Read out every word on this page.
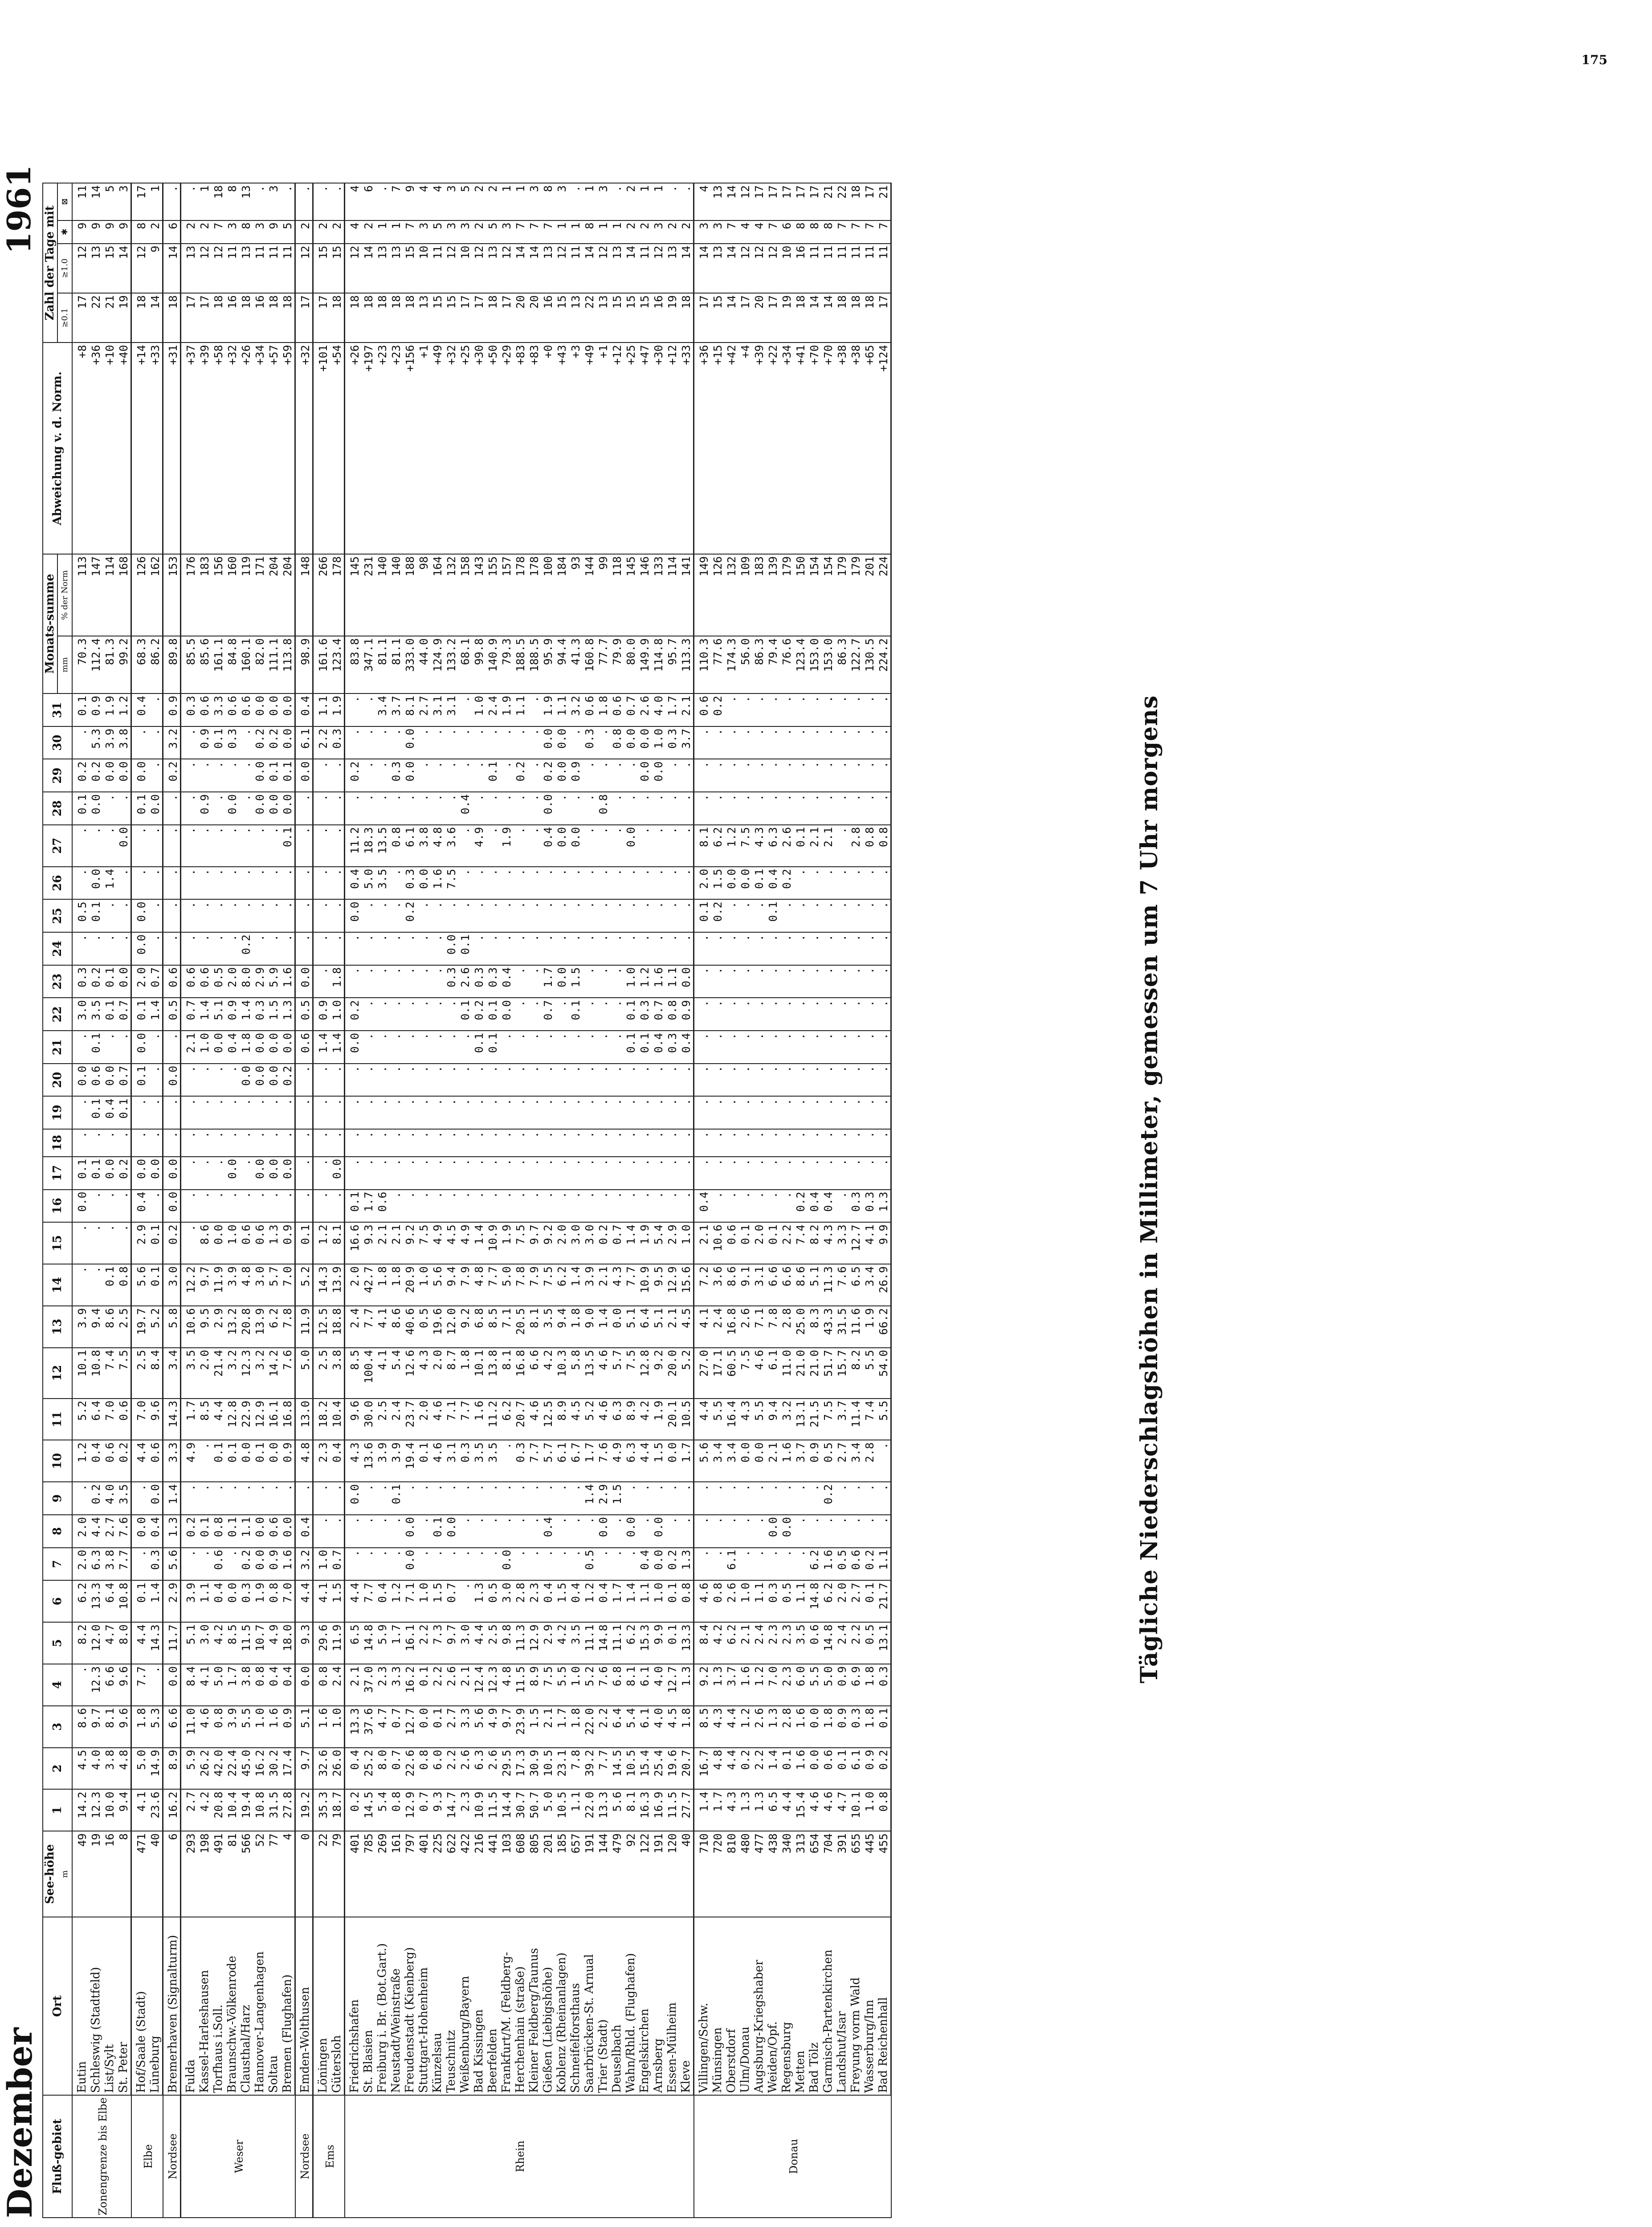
175
Dezember
Tägliche Niederschlagshöhen in Millimeter, gemessen um 7 Uhr morgens
1961
Fluß-gebiet	Ort	See-höhe m	1	2	3	4	5	6	7	8	9	10	11	12	13	14	15	16	17	18	19	20	21	22	23	24	25	26	27	28	29	30	31	Monats-summe		Abweichung v. d. Norm.	Zahl der Tage mit			
																																		mm	% der Norm		≥0.1	≥1.0	✱	⊠
Zonengrenze bis Elbe	Eutin	49	14.2	4.5	8.6	.	8.2	6.2	2.0	2.0	.	1.2	5.2	10.1	3.9	.	.	0.0	0.1	.	.	0.0	.	3.0	0.3	.	0.5	.	.	0.1	0.2	.	0.1	70.3	113	+8	17	12	9	11
	Schleswig (Stadtfeld)	19	12.3	4.0	9.7	12.3	12.0	13.3	6.3	4.4	0.2	0.4	6.4	10.8	9.4	.	.	.	0.1	.	0.1	0.6	0.1	3.5	0.2	.	0.1	0.0	.	0.0	0.2	5.3	0.9	112.4	147	+36	22	13	9	14
	List/Sylt	16	10.0	3.8	8.1	6.6	4.7	6.4	3.8	2.7	4.0	0.6	7.0	7.4	8.6	0.1	.	.	0.0	.	0.4	0.0	.	0.1	0.1	.	.	1.4	.	.	0.0	3.9	1.9	81.3	114	+10	21	15	9	5
	St. Peter	8	9.4	4.8	9.6	9.6	8.0	10.8	7.7	7.6	3.5	0.2	0.6	7.5	2.5	0.8	.	.	0.2	.	0.1	0.7	.	0.7	0.0	.	.	.	0.0	.	0.0	3.8	1.2	99.2	168	+40	19	14	9	3
Elbe	Hof/Saale (Stadt)	471	4.1	5.0	1.8	7.7	4.4	0.1	.	0.0	.	4.4	7.0	2.5	19.7	5.6	2.9	0.4	0.0	.	.	0.1	0.0	0.1	2.0	0.0	0.0	.	.	0.1	0.0	.	0.4	68.3	126	+14	18	12	8	17
	Lüneburg	40	23.6	14.9	5.3	.	14.3	1.4	0.3	0.4	0.0	0.6	9.6	8.4	5.2	0.1	0.1	.	0.0	.	.	.	.	1.4	0.7	.	.	.	.	0.0	.	.	.	86.2	162	+33	14	9	2	1
Nordsee	Bremerhaven (Signalturm)	6	16.2	8.9	6.6	0.0	11.7	2.9	5.6	1.3	1.4	3.3	14.3	3.4	5.8	3.0	0.2	0.0	0.0	.	.	0.0	.	0.5	0.6	.	.	.	.	.	0.2	3.2	0.9	89.8	153	+31	18	14	6	.
Weser	Fulda	293	2.7	5.9	11.0	8.4	5.1	3.9	.	0.2	.	4.9	1.7	3.5	10.6	12.2	.	.	.	.	.	.	2.1	0.7	0.6	.	.	.	.	.	.	.	0.3	85.5	176	+37	17	13	2	.
	Kassel-Harleshausen	198	4.2	26.2	4.6	4.1	3.0	1.1	.	0.1	.	.	8.5	2.0	9.5	9.7	8.6	.	.	.	.	.	1.0	1.4	0.6	.	.	.	.	0.9	.	0.9	0.6	85.6	183	+39	17	12	2	1
	Torfhaus i.Soll.	491	20.8	42.0	0.8	5.0	4.2	0.4	0.6	0.8	.	0.1	4.4	21.4	2.9	11.9	0.0	.	.	.	.	.	0.0	5.1	0.5	.	.	.	.	.	.	0.1	3.3	161.1	156	+58	18	12	7	18
	Braunschw.-Völkenrode	81	10.4	22.4	3.9	1.7	8.5	0.0	.	0.1	.	0.1	12.8	3.2	13.2	3.9	1.0	.	0.0	.	.	.	0.4	0.9	2.0	.	.	.	.	0.0	.	0.3	0.6	84.8	160	+32	16	11	3	8
	Clausthal/Harz	566	19.4	45.0	5.5	3.8	11.5	0.3	0.2	1.1	.	0.0	22.9	12.3	20.8	4.8	0.6	.	.	.	.	0.0	1.8	1.4	8.0	0.2	.	.	.	.	.	.	0.6	160.1	119	+26	18	13	8	13
	Hannover-Langenhagen	52	10.8	16.2	1.0	0.8	10.7	1.9	0.0	0.0	.	0.1	12.9	3.2	13.9	3.0	0.6	.	0.0	.	.	0.0	0.0	0.3	2.9	.	.	.	.	0.0	0.0	0.2	0.0	82.0	171	+34	16	11	3	.
	Soltau	77	31.5	30.2	1.6	0.4	4.9	0.8	0.9	0.6	.	0.0	16.1	14.2	6.2	5.7	1.3	.	0.0	.	.	0.0	0.0	1.5	5.9	.	.	.	.	0.0	0.1	0.2	0.0	111.1	204	+57	18	11	9	3
	Bremen (Flughafen)	4	27.8	17.4	0.9	0.4	18.0	7.0	1.6	0.0	.	0.9	16.8	7.6	7.8	7.0	0.9	.	0.0	.	.	0.2	0.0	1.3	1.6	.	.	.	0.1	0.0	0.1	0.0	0.0	113.8	204	+59	18	11	5	.
Nordsee	Emden-Wolthusen	0	19.2	9.7	5.1	0.0	9.3	4.4	3.2	0.4	.	4.8	13.0	5.0	11.9	5.2	0.1	.	.	.	.	.	0.6	0.5	0.0	.	.	.	.	.	0.0	6.1	0.4	98.9	148	+32	17	12	2	.
Ems	Löningen	22	35.3	32.6	1.6	0.8	29.6	4.1	1.0	.	.	2.3	18.2	2.5	12.5	14.3	1.2	.	.	.	.	.	1.4	0.9	.	.	.	.	.	.	.	2.2	1.1	161.6	266	+101	17	15	2	.
	Gütersloh	79	18.7	26.0	1.0	2.4	11.9	1.5	0.7	.	.	0.4	10.4	3.8	18.8	13.9	8.1	.	0.0	.	.	.	1.4	1.0	1.8	.	.	.	.	.	.	0.3	1.9	123.4	178	+54	18	15	2	.
Rhein	Friedrichshafen	401	0.2	0.4	13.3	2.1	6.5	4.4	.	.	0.0	4.3	9.6	8.5	2.4	2.0	16.6	0.1	.	.	.	.	0.0	0.2	.	.	0.0	0.4	11.2	.	0.2	.	.	83.8	145	+26	18	12	4	4
	St. Blasien	785	14.5	25.2	37.6	37.0	14.8	7.7	.	.	.	13.6	30.0	100.4	7.7	42.7	9.3	1.7	.	.	.	.	.	.	.	.	.	5.0	18.3	.	.	.	.	347.1	231	+197	18	14	2	6
	Freiburg i. Br. (Bot.Gart.)	269	5.4	8.0	4.7	2.3	5.9	0.4	.	.	.	3.9	2.5	4.1	4.1	1.8	2.1	0.6	.	.	.	.	.	.	.	.	.	3.5	13.5	.	.	.	3.4	81.1	140	+23	18	13	1	.
	Neustadt/Weinstraße	161	0.8	0.7	0.7	3.3	1.7	1.2	.	.	0.1	3.9	2.4	5.4	8.6	1.8	2.1	.	.	.	.	.	.	.	.	.	.	.	0.8	.	0.3	.	3.7	81.1	140	+23	18	13	1	7
	Freudenstadt (Kienberg)	797	12.9	22.6	12.7	16.2	16.1	7.1	0.0	0.0	.	19.4	23.7	12.6	40.6	20.9	9.2	.	.	.	.	.	.	.	.	.	0.2	0.3	6.1	.	0.0	0.0	8.1	333.0	188	+156	18	15	7	9
	Stuttgart-Hohenheim	401	0.7	0.8	0.0	0.1	2.2	1.0	.	.	.	0.1	2.0	4.3	0.5	1.0	7.5	.	.	.	.	.	.	.	.	.	.	0.0	3.8	.	.	.	2.7	44.0	98	+1	13	10	3	4
	Künzelsau	225	9.3	6.0	0.1	2.2	7.3	1.5	.	0.1	.	4.6	4.6	2.0	19.6	5.6	4.9	.	.	.	.	.	.	.	.	.	.	1.6	4.8	.	.	.	3.1	124.9	164	+49	15	11	5	4
	Teuschnitz	622	14.7	2.2	2.7	2.6	9.7	0.7	.	0.0	.	3.1	7.1	8.7	12.0	9.4	4.5	.	.	.	.	.	.	.	0.3	0.0	.	7.5	3.6	.	.	.	3.1	133.2	132	+32	15	12	3	3
	Weißenburg/Bayern	422	2.3	2.6	3.3	2.1	3.0	.	.	.	.	0.3	7.7	1.8	9.2	7.9	4.9	.	.	.	.	.	.	0.1	2.6	0.1	.	.	.	0.4	.	.	.	68.1	158	+25	17	10	3	5
	Bad Kissingen	216	10.9	6.3	5.6	12.4	4.4	1.3	.	.	.	3.5	1.6	10.1	6.8	4.8	1.4	.	.	.	.	.	0.1	0.2	0.3	.	.	.	4.9	.	.	.	1.0	99.8	143	+30	17	12	2	2
	Beerfelden	441	11.5	2.6	4.9	12.3	2.5	0.5	.	.	.	3.5	11.2	13.8	8.5	7.7	10.9	.	.	.	.	.	0.1	0.1	0.3	.	.	.	.	.	0.1	.	2.4	140.9	155	+50	18	13	5	2
	Frankfurt/M. (Feldberg-	103	14.4	29.5	9.7	4.8	9.8	3.0	0.0	.	.	.	6.2	8.1	7.1	5.0	1.9	.	.	.	.	.	.	0.0	0.4	.	.	.	1.9	.	.	.	1.9	79.3	157	+29	17	12	3	1
	Herchenhain (straße)	608	30.7	17.3	23.9	11.5	11.3	2.8	.	.	.	0.3	20.7	16.8	20.5	7.8	7.5	.	.	.	.	.	.	.	.	.	.	.	.	.	0.2	.	1.1	188.5	178	+83	20	14	7	1
	Kleiner Feldberg/Taunus	805	50.7	30.9	1.5	8.9	12.9	2.3	.	.	.	7.7	4.6	6.6	8.1	7.9	9.7	.	.	.	.	.	.	.	.	.	.	.	.	.	.	.	.	188.5	178	+83	20	14	7	3
	Gießen (Liebigshöhe)	201	5.0	10.5	2.1	7.5	2.9	0.4	.	0.4	.	5.7	12.5	4.2	3.5	7.5	9.2	.	.	.	.	.	.	0.7	1.7	.	.	.	0.4	0.0	0.2	0.0	1.9	95.9	100	+0	16	13	7	8
	Koblenz (Rheinanlagen)	185	10.5	23.1	1.7	5.5	4.2	1.5	.	.	.	6.1	8.9	10.3	9.4	6.2	2.0	.	.	.	.	.	.	.	0.0	.	.	.	0.0	.	0.0	0.0	1.1	94.4	184	+43	15	12	1	3
	Schneifelforsthaus	657	1.1	7.8	1.8	1.0	3.5	0.4	.	.	.	6.7	4.5	5.8	1.8	1.4	3.0	.	.	.	.	.	.	0.1	1.5	.	.	.	0.0	.	0.9	.	3.2	41.3	93	+3	13	11	1	.
	Saarbrücken-St. Arnual	191	22.0	39.2	22.0	5.2	11.1	1.2	0.5	.	1.4	1.7	5.2	13.5	9.0	3.9	3.0	.	.	.	.	.	.	.	.	.	.	.	.	.	.	0.3	0.6	160.8	144	+49	22	14	8	1
	Trier (Stadt)	144	13.3	7.7	2.2	7.6	14.8	0.4	.	0.0	2.9	7.6	4.6	4.6	1.4	2.1	0.2	.	.	.	.	.	.	.	.	.	.	.	.	0.8	.	.	1.8	77.7	99	+1	13	12	1	3
	Deuselbach	479	5.6	14.5	6.4	6.8	11.1	1.7	.	.	1.5	4.9	6.3	5.7	0.0	4.3	0.7	.	.	.	.	.	.	.	.	.	.	.	.	.	.	0.8	0.6	79.9	118	+12	15	13	1	.
	Wahn/Rhld. (Flughafen)	92	8.1	10.5	5.4	8.1	6.2	1.4	.	0.0	.	6.3	8.9	7.5	5.1	7.7	1.4	.	.	.	.	.	0.1	0.1	1.0	.	.	.	0.0	.	.	0.0	0.7	80.0	145	+25	15	14	2	2
	Engelskirchen	122	16.3	15.4	6.1	6.1	15.3	1.1	0.4	.	.	4.4	4.2	12.8	6.4	10.9	1.9	.	.	.	.	.	0.1	0.3	1.2	.	.	.	.	.	0.0	0.0	2.6	149.9	146	+47	15	11	2	1
	Arnsberg	191	16.9	25.4	4.0	4.0	9.9	1.0	0.0	0.0	.	1.5	1.9	9.2	5.1	9.5	5.4	.	.	.	.	.	0.4	0.7	1.6	.	.	.	.	.	0.0	1.0	4.0	114.8	133	+30	16	12	3	1
	Essen-Mülheim	120	11.5	19.6	4.5	12.7	0.1	0.1	0.2	.	.	0.0	20.1	20.0	2.1	12.9	2.9	.	.	.	.	.	0.3	0.8	1.1	.	.	.	.	.	.	0.3	1.7	95.7	114	+12	19	13	2	.
	Kleve	40	27.7	20.7	1.8	1.3	13.3	0.8	1.3	.	.	1.7	10.5	5.2	4.5	15.6	1.0	.	.	.	.	.	0.4	0.9	0.0	.	.	.	.	.	.	3.7	2.1	113.3	141	+33	18	14	2	.
Donau	Villingen/Schw.	710	1.4	16.7	8.5	9.2	8.4	4.6	.	.	.	5.6	4.4	27.0	4.1	7.2	2.1	0.4	.	.	.	.	.	.	.	.	0.1	2.0	8.1	.	.	.	0.6	110.3	149	+36	17	14	3	4
	Münsingen	720	1.7	4.8	4.3	1.3	4.2	0.8	.	.	.	3.4	5.5	17.1	2.4	3.6	10.6	.	.	.	.	.	.	.	.	.	0.2	1.5	6.2	.	.	.	0.2	77.6	126	+15	15	13	3	13
	Oberstdorf	810	4.3	4.4	4.4	3.7	6.2	2.6	6.1	.	.	3.4	16.4	60.5	16.8	8.6	0.6	.	.	.	.	.	.	.	.	.	.	0.0	1.2	.	.	.	.	174.3	132	+42	14	14	7	14
	Ulm/Donau	480	1.3	0.2	1.2	1.6	2.1	1.0	.	.	.	0.0	4.3	7.5	2.6	9.1	0.1	.	.	.	.	.	.	.	.	.	.	0.0	7.5	.	.	.	.	56.0	109	+4	17	12	4	12
	Augsburg-Kriegshaber	477	1.3	2.2	2.6	1.2	2.4	1.1	.	.	.	0.0	5.5	4.6	7.1	3.1	2.0	.	.	.	.	.	.	.	.	.	.	0.1	4.3	.	.	.	.	86.3	183	+39	20	12	4	17
	Weiden/Opf.	438	6.5	1.4	1.3	7.0	2.3	0.3	.	0.0	.	2.1	9.4	6.1	7.8	6.6	0.1	.	.	.	.	.	.	.	.	.	0.1	0.4	6.3	.	.	.	.	79.4	139	+22	17	12	7	17
	Regensburg	340	4.4	0.1	2.8	2.3	2.3	0.5	.	0.0	.	1.6	3.2	11.0	2.8	6.6	2.2	.	.	.	.	.	.	.	.	.	.	0.2	2.6	.	.	.	.	76.6	179	+34	19	10	6	17
	Metten	313	15.4	1.6	1.6	6.0	3.5	1.1	.	.	.	3.7	13.1	21.0	25.0	8.6	7.4	0.2	.	.	.	.	.	.	.	.	.	.	0.1	.	.	.	.	123.4	150	+41	18	16	8	17
	Bad Tölz	654	4.6	0.0	0.0	5.5	0.6	14.8	6.2	.	.	0.9	21.5	21.0	8.3	5.1	8.2	0.4	.	.	.	.	.	.	.	.	.	.	2.1	.	.	.	.	153.0	154	+70	14	11	8	17
	Garmisch-Partenkirchen	704	4.6	0.6	1.8	5.0	14.8	6.2	1.6	.	0.2	0.5	7.5	51.7	43.3	11.3	4.3	0.4	.	.	.	.	.	.	.	.	.	.	2.1	.	.	.	.	153.0	154	+70	14	11	8	21
	Landshut/Isar	391	4.7	0.1	0.9	0.9	2.4	2.0	0.5	.	.	2.7	3.7	15.7	31.5	7.6	3.3	.	.	.	.	.	.	.	.	.	.	.	.	.	.	.	.	86.3	179	+38	18	11	7	22
	Freyung vorm Wald	655	10.1	6.1	0.3	6.9	2.2	2.7	0.6	.	.	3.4	11.4	8.2	11.6	6.5	12.7	0.3	.	.	.	.	.	.	.	.	.	.	2.8	.	.	.	.	122.7	179	+38	18	11	7	18
	Wasserburg/Inn	445	1.0	0.9	1.8	1.8	0.5	0.1	0.2	.	.	2.8	7.4	5.5	1.9	3.4	4.1	0.3	.	.	.	.	.	.	.	.	.	.	0.8	.	.	.	.	130.5	201	+65	18	11	7	17
	Bad Reichenhall	455	0.8	0.2	0.1	0.3	13.1	21.7	1.1	.	.	.	5.5	54.0	66.2	26.9	9.9	1.3	.	.	.	.	.	.	.	.	.	.	0.8	.	.	.	.	224.2	224	+124	17	11	7	21
